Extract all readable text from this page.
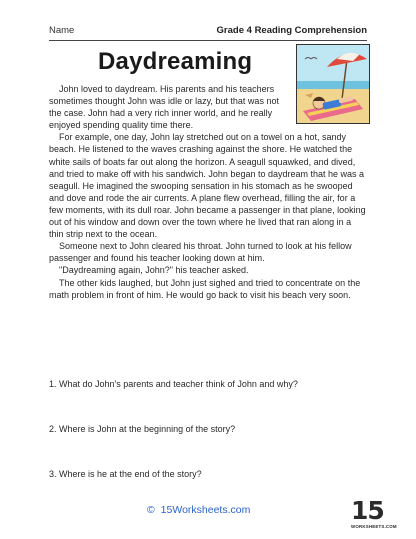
Name	Grade 4 Reading Comprehension
Daydreaming

John loved to daydream. His parents and his teachers sometimes thought John was idle or lazy, but that was not the case. John had a very rich inner world, and he really enjoyed spending quality time there.

For example, one day, John lay stretched out on a towel on a hot, sandy beach. He listened to the waves crashing against the shore. He watched the white sails of boats far out along the horizon. A seagull squawked, and dived, and tried to make off with his sandwich. John began to daydream that he was a seagull. He imagined the swooping sensation in his stomach as he swooped and dove and rode the air currents. A plane flew overhead, filling the air, for a few moments, with its dull roar. John became a passenger in that plane, looking out of his window and down over the town where he lived that ran along in a thin strip next to the ocean.

Someone next to John cleared his throat. John turned to look at his fellow passenger and found his teacher looking down at him.

"Daydreaming again, John?" his teacher asked.

The other kids laughed, but John just sighed and tried to concentrate on the math problem in front of him. He would go back to visit his beach very soon.

1. What do John's parents and teacher think of John and why?
2. Where is John at the beginning of the story?
3. Where is he at the end of the story?
© 15Worksheets.com	15
WORKSHEETS.COM
